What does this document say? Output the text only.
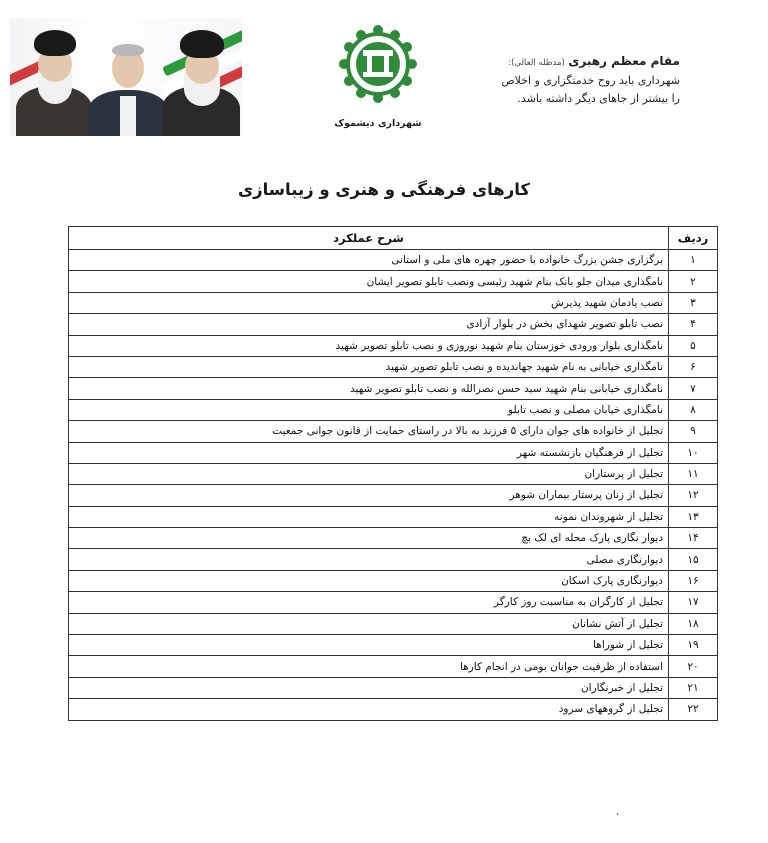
شهرداری دیشموک
مقام معظم رهبری (مدظله العالی):
شهرداری باید روح خدمتگزاری و اخلاص
را بیشتر از جاهای دیگر داشته باشد.
کارهای فرهنگی و هنری و زیباسازی
ردیف	شرح عملکرد
۱	برگزاری جشن بزرگ خانواده با حضور چهره های ملی و استانی
۲	نامگذاری میدان جلو بانک بنام شهید رئیسی ونصب تابلو تصویر ایشان
۳	نصب یادمان شهید پذیرش
۴	نصب تابلو تصویر شهدای بخش در بلوار آزادی
۵	نامگذاری بلوار ورودی خوزستان بنام شهید نوروزی و نصب تابلو تصویر شهید
۶	نامگذاری خیابانی به نام شهید جهاندیده و نصب تابلو تصویر شهید
۷	نامگذاری خیابانی بنام شهید سید حسن نصرالله و نصب تابلو تصویر شهید
۸	نامگذاری خیابان مصلی و نصب تابلو
۹	تجلیل از خانواده های جوان دارای ۵ فرزند به بالا در راستای حمایت از قانون جوانی جمعیت
۱۰	تجلیل از فرهنگیان بازنشسته شهر
۱۱	تجلیل از پرستاران
۱۲	تجلیل از زنان پرستار بیماران شوهر
۱۳	تجلیل از شهروندان نمونه
۱۴	دیوار نگاری پارک محله ای لک بچ
۱۵	دیوارنگاری مصلی
۱۶	دیوارنگاری پارک اسکان
۱۷	تجلیل از کارگران به مناسبت روز کارگر
۱۸	تجلیل از آتش نشانان
۱۹	تجلیل از شوراها
۲۰	استفاده از ظرفیت جوانان بومی در انجام کارها
۲۱	تجلیل از خبرنگاران
۲۲	تجلیل از گروههای سرود
،
